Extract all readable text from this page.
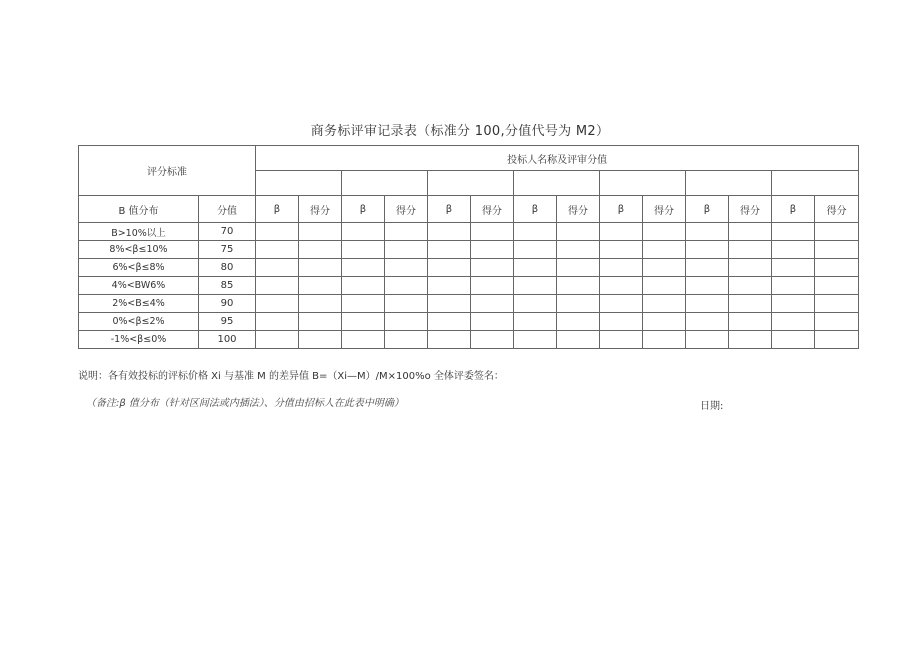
商务标评审记录表（标准分 100,分值代号为 M2）
评分标准		投标人名称及评审分值													

B 值分布	分值	β	得分	β	得分	β	得分	β	得分	β	得分	β	得分	β	得分
B>10%以上	70														
8%<β≤10%	75														
6%<β≤8%	80														
4%<BW6%	85														
2%<B≤4%	90														
0%<β≤2%	95														
-1%<β≤0%	100														
说明：各有效投标的评标价格 Xi 与基准 M 的差异值 B=（Xi—M）/M×100%o 全体评委签名：
（备注:β 值分布（针对区间法或内插法）、分值由招标人在此表中明确）	日期:
